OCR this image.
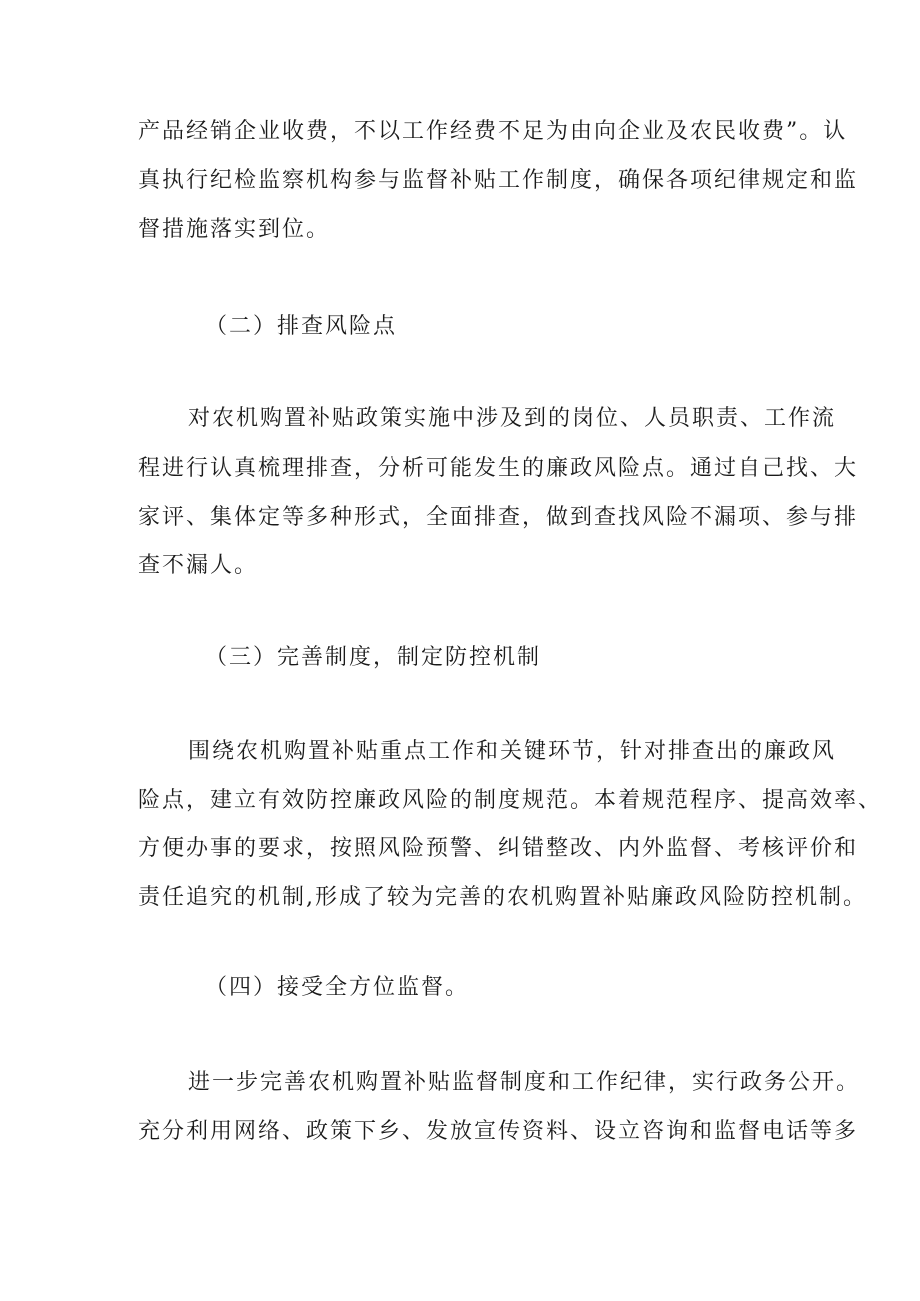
产品经销企业收费，不以工作经费不足为由向企业及农民收费”。认
真执行纪检监察机构参与监督补贴工作制度，确保各项纪律规定和监
督措施落实到位。
（二）排查风险点
对农机购置补贴政策实施中涉及到的岗位、人员职责、工作流
程进行认真梳理排查，分析可能发生的廉政风险点。通过自己找、大
家评、集体定等多种形式，全面排查，做到查找风险不漏项、参与排
查不漏人。
（三）完善制度，制定防控机制
围绕农机购置补贴重点工作和关键环节，针对排查出的廉政风
险点，建立有效防控廉政风险的制度规范。本着规范程序、提高效率、
方便办事的要求，按照风险预警、纠错整改、内外监督、考核评价和
责任追究的机制,形成了较为完善的农机购置补贴廉政风险防控机制。
（四）接受全方位监督。
进一步完善农机购置补贴监督制度和工作纪律，实行政务公开。
充分利用网络、政策下乡、发放宣传资料、设立咨询和监督电话等多
